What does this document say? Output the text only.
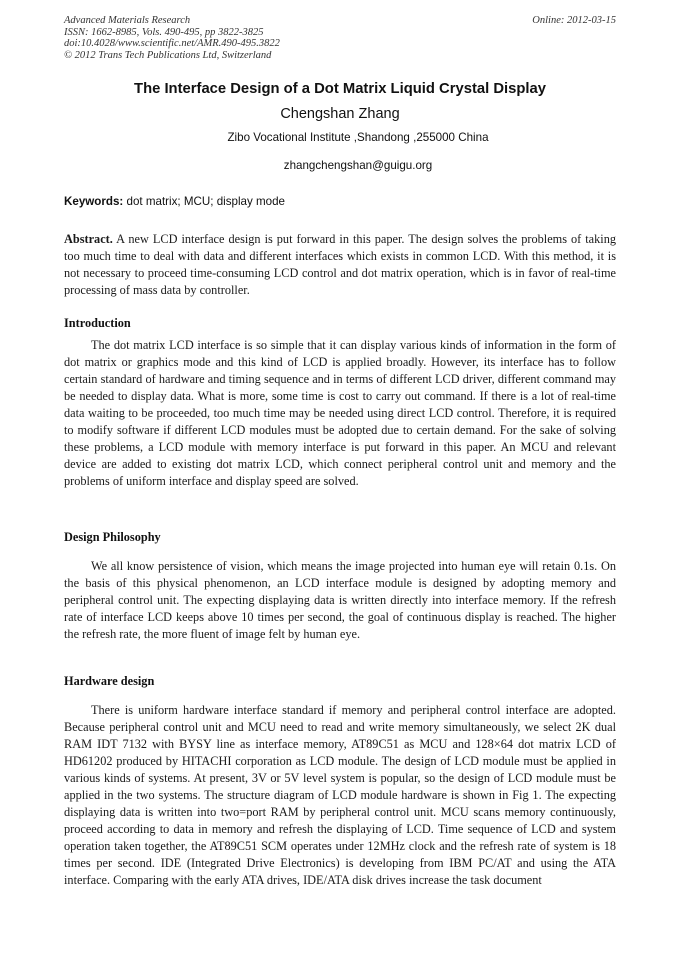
Advanced Materials Research
ISSN: 1662-8985, Vols. 490-495, pp 3822-3825
doi:10.4028/www.scientific.net/AMR.490-495.3822
© 2012 Trans Tech Publications Ltd, Switzerland
Online: 2012-03-15
The Interface Design of a Dot Matrix Liquid Crystal Display
Chengshan Zhang
Zibo Vocational Institute ,Shandong ,255000 China
zhangchengshan@guigu.org
Keywords: dot matrix; MCU; display mode

Abstract. A new LCD interface design is put forward in this paper. The design solves the problems of taking too much time to deal with data and different interfaces which exists in common LCD. With this method, it is not necessary to proceed time-consuming LCD control and dot matrix operation, which is in favor of real-time processing of mass data by controller.

Introduction

The dot matrix LCD interface is so simple that it can display various kinds of information in the form of dot matrix or graphics mode and this kind of LCD is applied broadly. However, its interface has to follow certain standard of hardware and timing sequence and in terms of different LCD driver, different command may be needed to display data. What is more, some time is cost to carry out command. If there is a lot of real-time data waiting to be proceeded, too much time may be needed using direct LCD control. Therefore, it is required to modify software if different LCD modules must be adopted due to certain demand. For the sake of solving these problems, a LCD module with memory interface is put forward in this paper. An MCU and relevant device are added to existing dot matrix LCD, which connect peripheral control unit and memory and the problems of uniform interface and display speed are solved.

Design Philosophy

We all know persistence of vision, which means the image projected into human eye will retain 0.1s. On the basis of this physical phenomenon, an LCD interface module is designed by adopting memory and peripheral control unit. The expecting displaying data is written directly into interface memory. If the refresh rate of interface LCD keeps above 10 times per second, the goal of continuous display is reached. The higher the refresh rate, the more fluent of image felt by human eye.

Hardware design

There is uniform hardware interface standard if memory and peripheral control interface are adopted. Because peripheral control unit and MCU need to read and write memory simultaneously, we select 2K dual RAM IDT 7132 with BYSY line as interface memory, AT89C51 as MCU and 128×64 dot matrix LCD of HD61202 produced by HITACHI corporation as LCD module. The design of LCD module must be applied in various kinds of systems. At present, 3V or 5V level system is popular, so the design of LCD module must be applied in the two systems. The structure diagram of LCD module hardware is shown in Fig 1. The expecting displaying data is written into two=port RAM by peripheral control unit. MCU scans memory continuously, proceed according to data in memory and refresh the displaying of LCD. Time sequence of LCD and system operation taken together, the AT89C51 SCM operates under 12MHz clock and the refresh rate of system is 18 times per second. IDE (Integrated Drive Electronics) is developing from IBM PC/AT and using the ATA interface. Comparing with the early ATA drives, IDE/ATA disk drives increase the task document
